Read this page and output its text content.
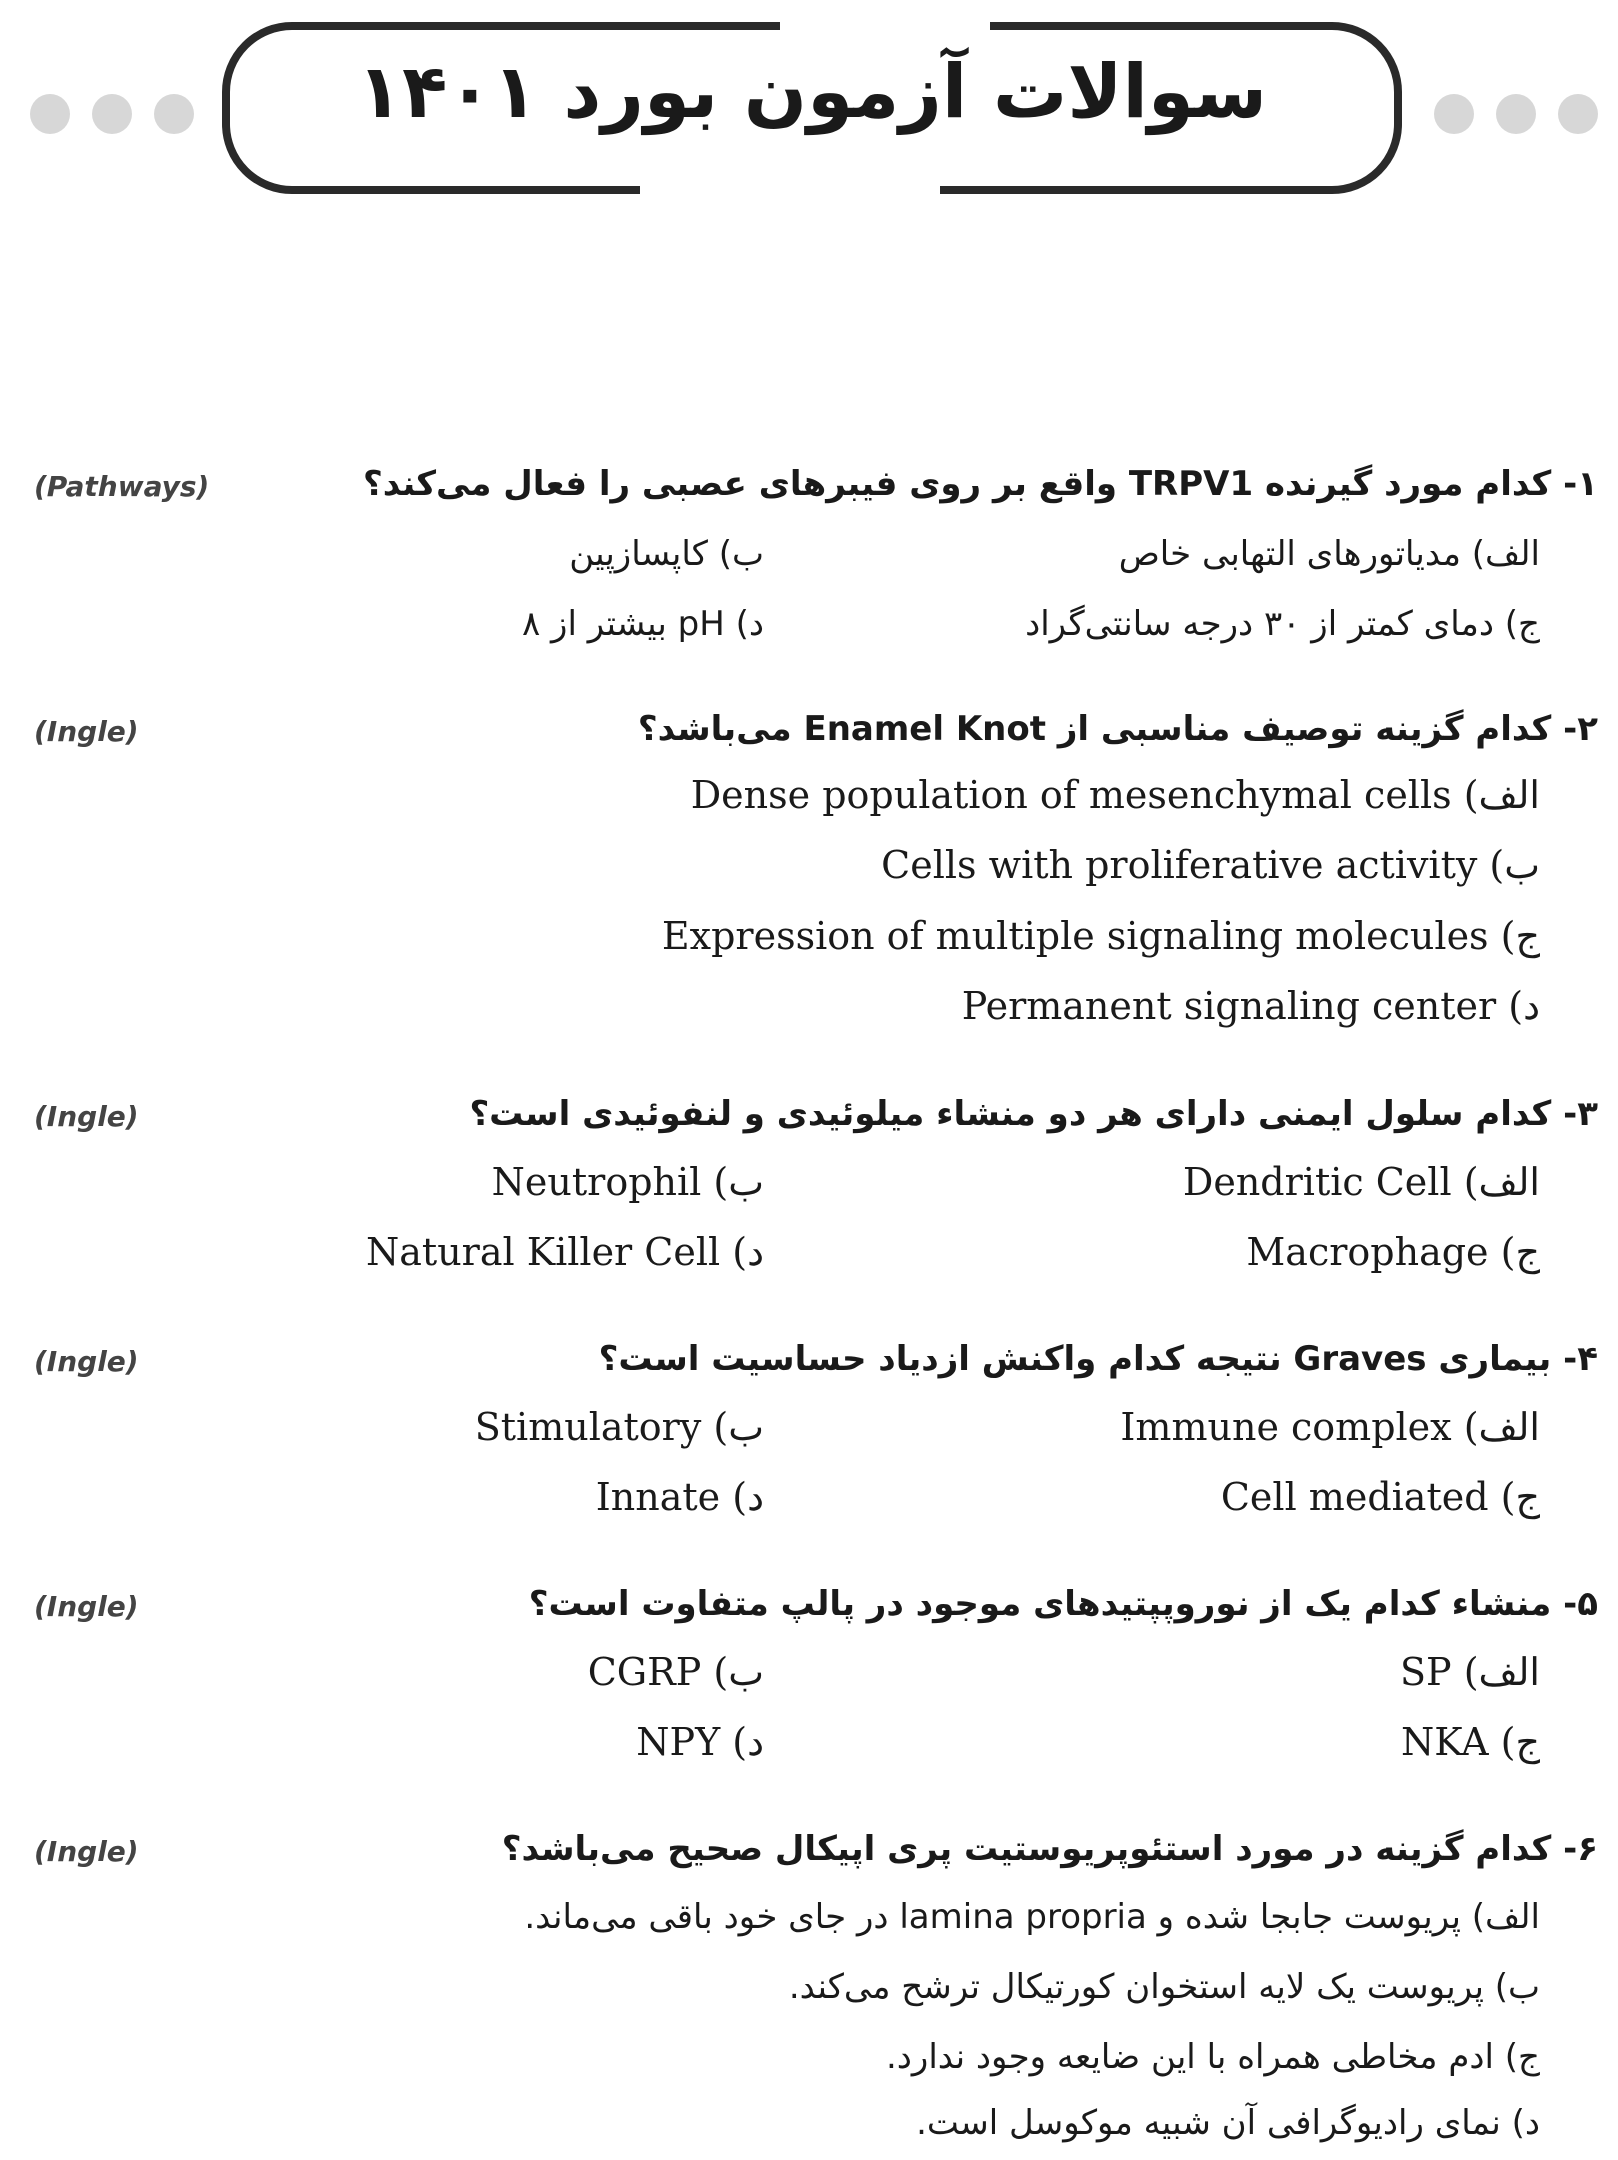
سوالات آزمون بورد ۱۴۰۱
(Pathways)	۱- کدام مورد گیرنده TRPV1 واقع بر روی فیبرهای عصبی را فعال می‌کند؟
الف) مدیاتورهای التهابی خاص
ب) کاپسازپین
ج) دمای کمتر از ۳۰ درجه سانتی‌گراد
د) pH بیشتر از ۸
(Ingle)	۲- کدام گزینه توصیف مناسبی از Enamel Knot می‌باشد؟
الف) Dense population of mesenchymal cells
ب) Cells with proliferative activity
ج) Expression of multiple signaling molecules
د) Permanent signaling center
(Ingle)	۳- کدام سلول ایمنی دارای هر دو منشاء میلوئیدی و لنفوئیدی است؟
الف) Dendritic Cell
ب) Neutrophil
ج) Macrophage
د) Natural Killer Cell
(Ingle)	۴- بیماری Graves نتیجه کدام واکنش ازدیاد حساسیت است؟
الف) Immune complex
ب) Stimulatory
ج) Cell mediated
د) Innate
(Ingle)	۵- منشاء کدام یک از نوروپپتیدهای موجود در پالپ متفاوت است؟
الف) SP
ب) CGRP
ج) NKA
د) NPY
(Ingle)	۶- کدام گزینه در مورد استئوپریوستیت پری اپیکال صحیح می‌باشد؟
الف) پریوست جابجا شده و lamina propria در جای خود باقی می‌ماند.
ب) پریوست یک لایه استخوان کورتیکال ترشح می‌کند.
ج) ادم مخاطی همراه با این ضایعه وجود ندارد.
د) نمای رادیوگرافی آن شبیه موکوسل است.
